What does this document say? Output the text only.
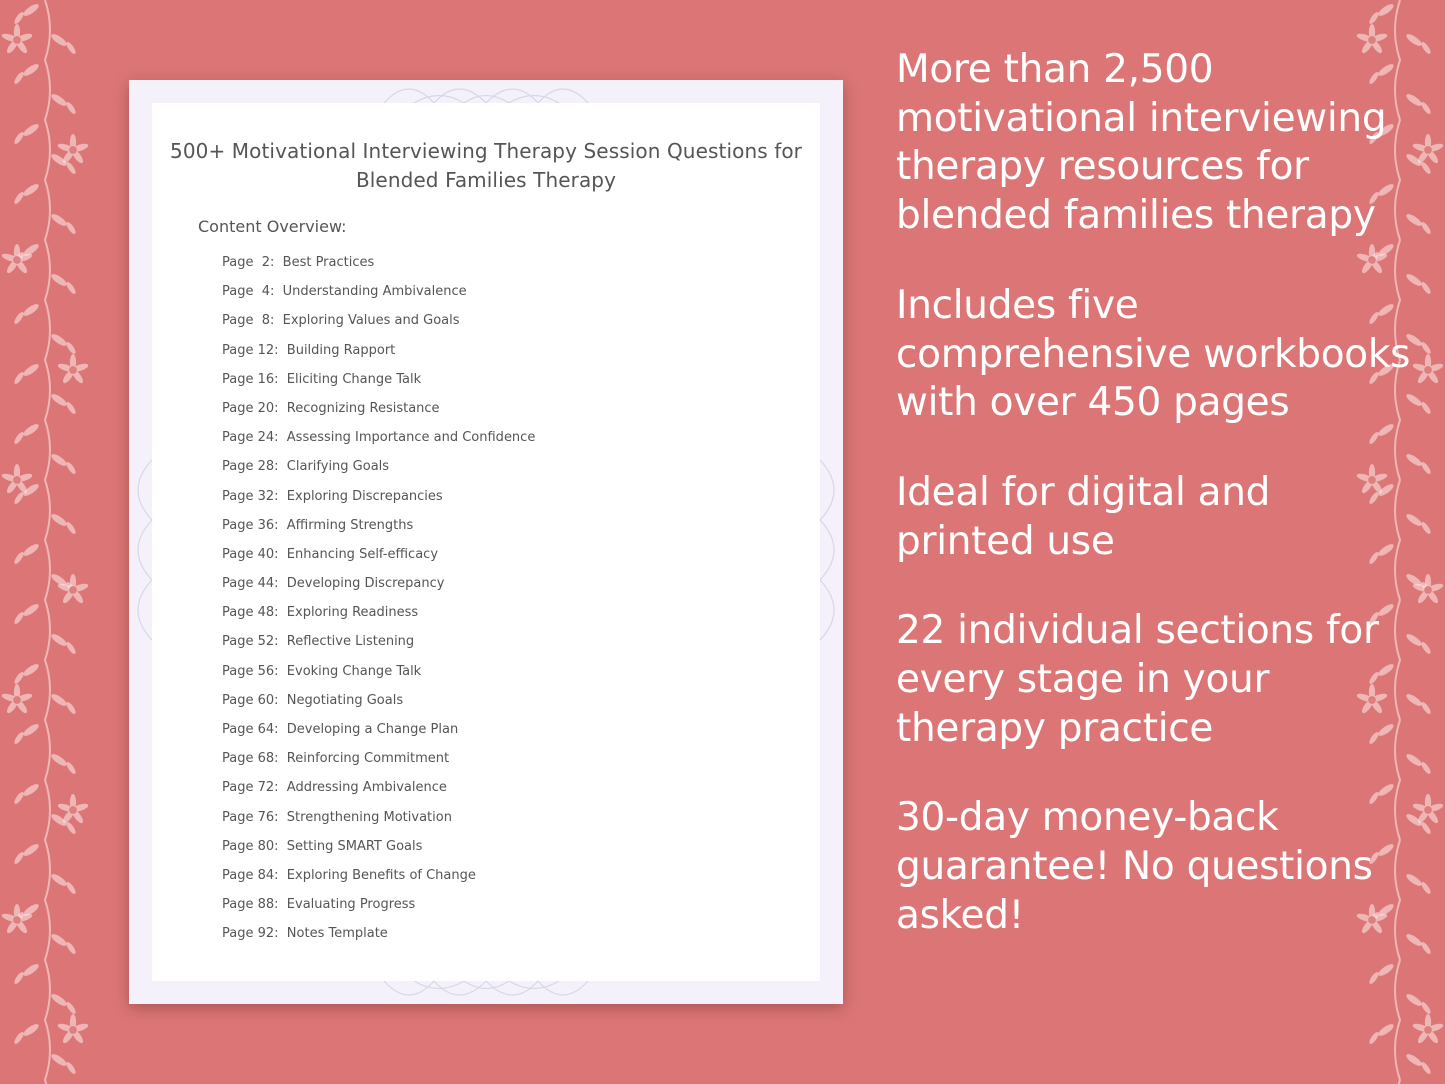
500+ Motivational Interviewing Therapy Session Questions for Blended Families Therapy
Content Overview:
Page  2:  Best Practices
Page  4:  Understanding Ambivalence
Page  8:  Exploring Values and Goals
Page 12:  Building Rapport
Page 16:  Eliciting Change Talk
Page 20:  Recognizing Resistance
Page 24:  Assessing Importance and Confidence
Page 28:  Clarifying Goals
Page 32:  Exploring Discrepancies
Page 36:  Affirming Strengths
Page 40:  Enhancing Self-efficacy
Page 44:  Developing Discrepancy
Page 48:  Exploring Readiness
Page 52:  Reflective Listening
Page 56:  Evoking Change Talk
Page 60:  Negotiating Goals
Page 64:  Developing a Change Plan
Page 68:  Reinforcing Commitment
Page 72:  Addressing Ambivalence
Page 76:  Strengthening Motivation
Page 80:  Setting SMART Goals
Page 84:  Exploring Benefits of Change
Page 88:  Evaluating Progress
Page 92:  Notes Template
More than 2,500 motivational interviewing therapy resources for blended families therapy
Includes five comprehensive workbooks with over 450 pages
Ideal for digital and printed use
22 individual sections for every stage in your therapy practice
30-day money-back guarantee! No questions asked!
